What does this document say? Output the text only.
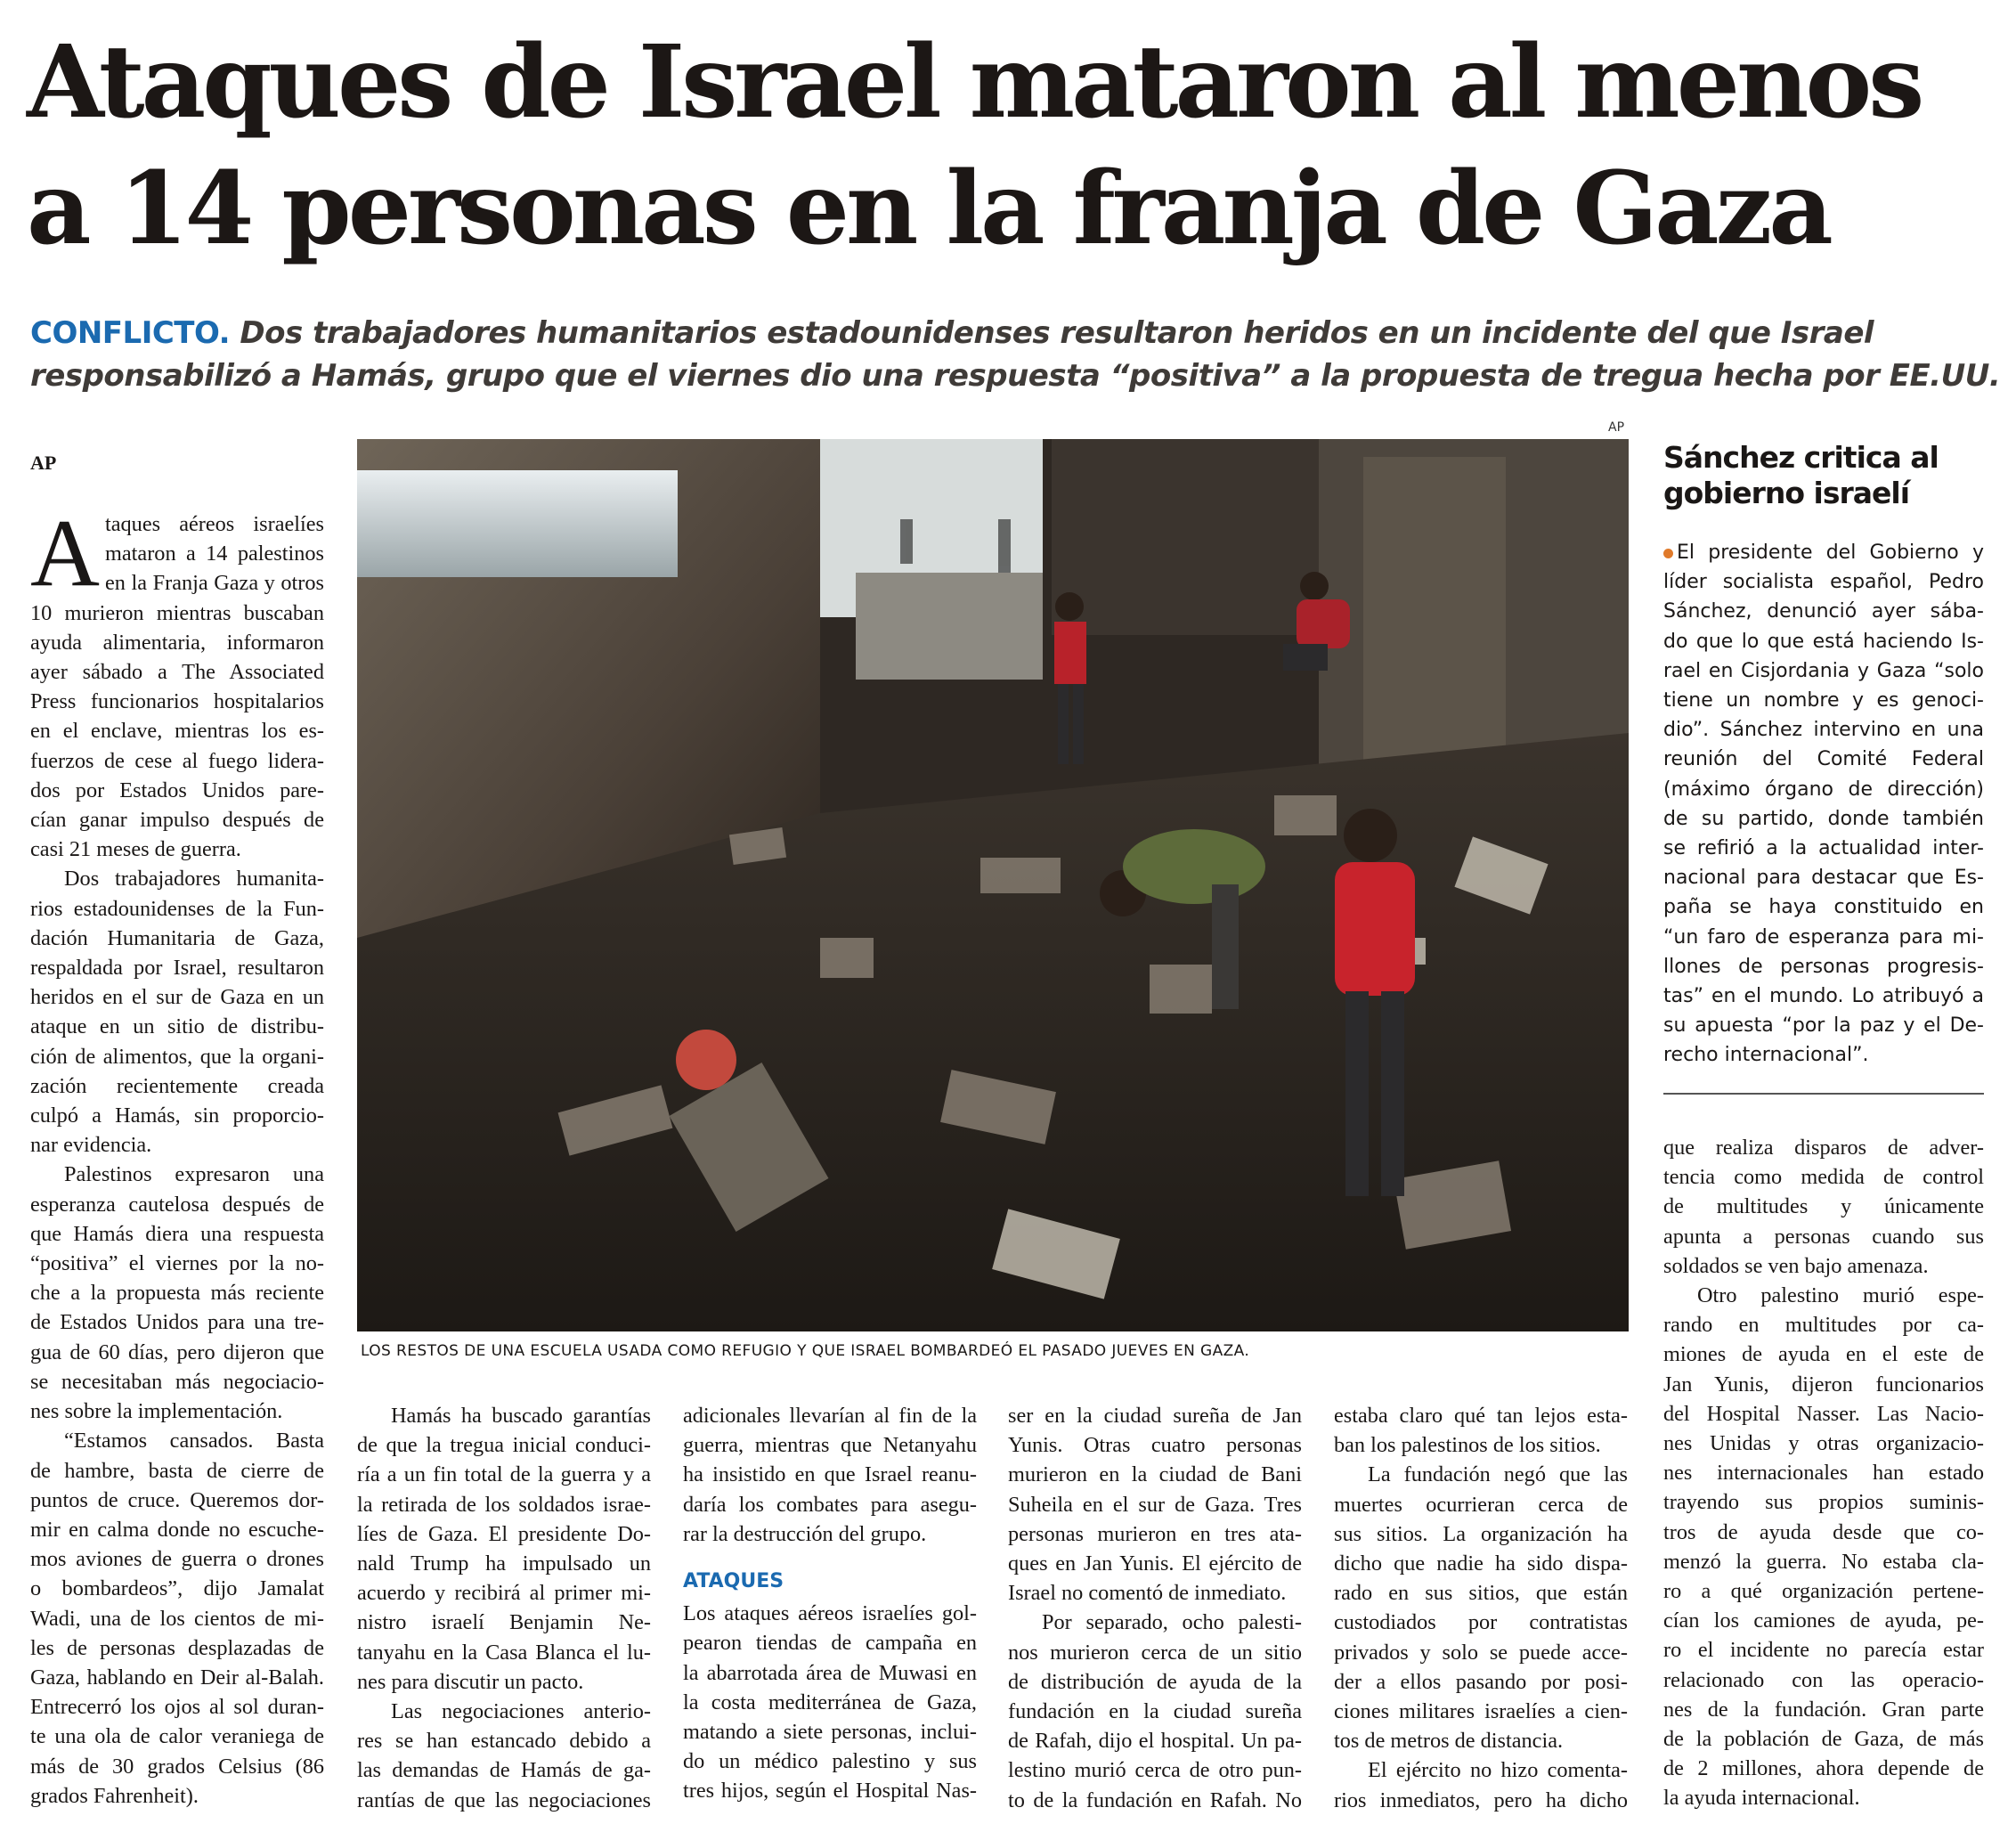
Ataques de Israel mataron al menos
a 14 personas en la franja de Gaza
CONFLICTO. Dos trabajadores humanitarios estadounidenses resultaron heridos en un incidente del que Israel
responsabilizó a Hamás, grupo que el viernes dio una respuesta “positiva” a la propuesta de tregua hecha por EE.UU.
AP
A taques aéreos israelíes
mataron a 14 palestinos
en la Franja Gaza y otros
10 murieron mientras buscaban
ayuda alimentaria, informaron
ayer sábado a The Associated
Press funcionarios hospitalarios
en el enclave, mientras los es-
fuerzos de cese al fuego lidera-
dos por Estados Unidos pare-
cían ganar impulso después de
casi 21 meses de guerra.
Dos trabajadores humanita-
rios estadounidenses de la Fun-
dación Humanitaria de Gaza,
respaldada por Israel, resultaron
heridos en el sur de Gaza en un
ataque en un sitio de distribu-
ción de alimentos, que la organi-
zación recientemente creada
culpó a Hamás, sin proporcio-
nar evidencia.
Palestinos expresaron una
esperanza cautelosa después de
que Hamás diera una respuesta
“positiva” el viernes por la no-
che a la propuesta más reciente
de Estados Unidos para una tre-
gua de 60 días, pero dijeron que
se necesitaban más negociacio-
nes sobre la implementación.
“Estamos cansados. Basta
de hambre, basta de cierre de
puntos de cruce. Queremos dor-
mir en calma donde no escuche-
mos aviones de guerra o drones
o bombardeos”, dijo Jamalat
Wadi, una de los cientos de mi-
les de personas desplazadas de
Gaza, hablando en Deir al-Balah.
Entrecerró los ojos al sol duran-
te una ola de calor veraniega de
más de 30 grados Celsius (86
grados Fahrenheit).
AP
LOS RESTOS DE UNA ESCUELA USADA COMO REFUGIO Y QUE ISRAEL BOMBARDEÓ EL PASADO JUEVES EN GAZA.
Hamás ha buscado garantías
de que la tregua inicial conduci-
ría a un fin total de la guerra y a
la retirada de los soldados israe-
líes de Gaza. El presidente Do-
nald Trump ha impulsado un
acuerdo y recibirá al primer mi-
nistro israelí Benjamin Ne-
tanyahu en la Casa Blanca el lu-
nes para discutir un pacto.
Las negociaciones anterio-
res se han estancado debido a
las demandas de Hamás de ga-
rantías de que las negociaciones
adicionales llevarían al fin de la
guerra, mientras que Netanyahu
ha insistido en que Israel reanu-
daría los combates para asegu-
rar la destrucción del grupo.
ATAQUES
Los ataques aéreos israelíes gol-
pearon tiendas de campaña en
la abarrotada área de Muwasi en
la costa mediterránea de Gaza,
matando a siete personas, inclui-
do un médico palestino y sus
tres hijos, según el Hospital Nas-
ser en la ciudad sureña de Jan
Yunis. Otras cuatro personas
murieron en la ciudad de Bani
Suheila en el sur de Gaza. Tres
personas murieron en tres ata-
ques en Jan Yunis. El ejército de
Israel no comentó de inmediato.
Por separado, ocho palesti-
nos murieron cerca de un sitio
de distribución de ayuda de la
fundación en la ciudad sureña
de Rafah, dijo el hospital. Un pa-
lestino murió cerca de otro pun-
to de la fundación en Rafah. No
estaba claro qué tan lejos esta-
ban los palestinos de los sitios.
La fundación negó que las
muertes ocurrieran cerca de
sus sitios. La organización ha
dicho que nadie ha sido dispa-
rado en sus sitios, que están
custodiados por contratistas
privados y solo se puede acce-
der a ellos pasando por posi-
ciones militares israelíes a cien-
tos de metros de distancia.
El ejército no hizo comenta-
rios inmediatos, pero ha dicho
Sánchez critica al
gobierno israelí
El presidente del Gobierno y
líder socialista español, Pedro
Sánchez, denunció ayer sába-
do que lo que está haciendo Is-
rael en Cisjordania y Gaza “solo
tiene un nombre y es genoci-
dio”. Sánchez intervino en una
reunión del Comité Federal
(máximo órgano de dirección)
de su partido, donde también
se refirió a la actualidad inter-
nacional para destacar que Es-
paña se haya constituido en
“un faro de esperanza para mi-
llones de personas progresis-
tas” en el mundo. Lo atribuyó a
su apuesta “por la paz y el De-
recho internacional”.
que realiza disparos de adver-
tencia como medida de control
de multitudes y únicamente
apunta a personas cuando sus
soldados se ven bajo amenaza.
Otro palestino murió espe-
rando en multitudes por ca-
miones de ayuda en el este de
Jan Yunis, dijeron funcionarios
del Hospital Nasser. Las Nacio-
nes Unidas y otras organizacio-
nes internacionales han estado
trayendo sus propios suminis-
tros de ayuda desde que co-
menzó la guerra. No estaba cla-
ro a qué organización pertene-
cían los camiones de ayuda, pe-
ro el incidente no parecía estar
relacionado con las operacio-
nes de la fundación. Gran parte
de la población de Gaza, de más
de 2 millones, ahora depende de
la ayuda internacional.
